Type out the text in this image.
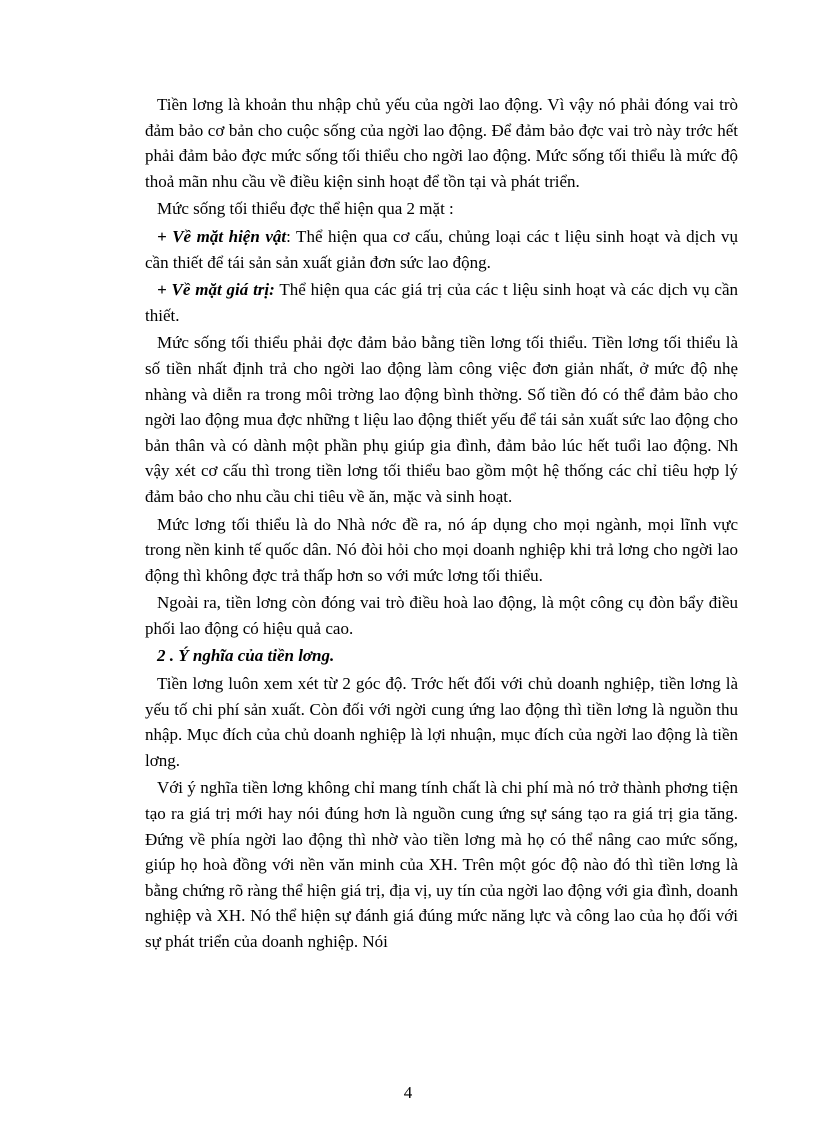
Tiền lơng là khoản thu nhập chủ yếu của ngời lao động. Vì vậy nó phải đóng vai trò đảm bảo cơ bản cho cuộc sống của ngời lao động. Để đảm bảo đợc vai trò này trớc hết phải đảm bảo đợc mức sống tối thiểu cho ngời lao động. Mức sống tối thiểu là mức độ thoả mãn nhu cầu về điều kiện sinh hoạt để tồn tại và phát triển.

Mức sống tối thiểu đợc thể hiện qua 2 mặt :

+ Về mặt hiện vật: Thể hiện qua cơ cấu, chủng loại các t liệu sinh hoạt và dịch vụ cần thiết để tái sản sản xuất giản đơn sức lao động.

+ Về mặt giá trị: Thể hiện qua các giá trị của các t liệu sinh hoạt và các dịch vụ cần thiết.

Mức sống tối thiểu phải đợc đảm bảo bằng tiền lơng tối thiểu. Tiền lơng tối thiểu là số tiền nhất định trả cho ngời lao động làm công việc đơn giản nhất, ở mức độ nhẹ nhàng và diễn ra trong môi trờng lao động bình thờng. Số tiền đó có thể đảm bảo cho ngời lao động mua đợc những t liệu lao động thiết yếu để tái sản xuất sức lao động cho bản thân và có dành một phần phụ giúp gia đình, đảm bảo lúc hết tuổi lao động. Nh vậy xét cơ cấu thì trong tiền lơng tối thiểu bao gồm một hệ thống các chỉ tiêu hợp lý đảm bảo cho nhu cầu chi tiêu về ăn, mặc và sinh hoạt.

Mức lơng tối thiểu là do Nhà nớc đề ra, nó áp dụng cho mọi ngành, mọi lĩnh vực trong nền kinh tế quốc dân. Nó đòi hỏi cho mọi doanh nghiệp khi trả lơng cho ngời lao động thì không đợc trả thấp hơn so với mức lơng tối thiểu.

Ngoài ra, tiền lơng còn đóng vai trò điều hoà lao động, là một công cụ đòn bẩy điều phối lao động có hiệu quả cao.

2 . Ý nghĩa của tiền lơng.

Tiền lơng luôn xem xét từ 2 góc độ. Trớc hết đối với chủ doanh nghiệp, tiền lơng là yếu tố chi phí sản xuất. Còn đối với ngời cung ứng lao động thì tiền lơng là nguồn thu nhập. Mục đích của chủ doanh nghiệp là lợi nhuận, mục đích của ngời lao động là tiền lơng.

Với ý nghĩa tiền lơng không chỉ mang tính chất là chi phí mà nó trở thành phơng tiện tạo ra giá trị mới hay nói đúng hơn là nguồn cung ứng sự sáng tạo ra giá trị gia tăng. Đứng về phía ngời lao động thì nhờ vào tiền lơng mà họ có thể nâng cao mức sống, giúp họ hoà đồng với nền văn minh của XH. Trên một góc độ nào đó thì tiền lơng là bằng chứng rõ ràng thể hiện giá trị, địa vị, uy tín của ngời lao động với gia đình, doanh nghiệp và XH. Nó thể hiện sự đánh giá đúng mức năng lực và công lao của họ đối với sự phát triển của doanh nghiệp. Nói

4
